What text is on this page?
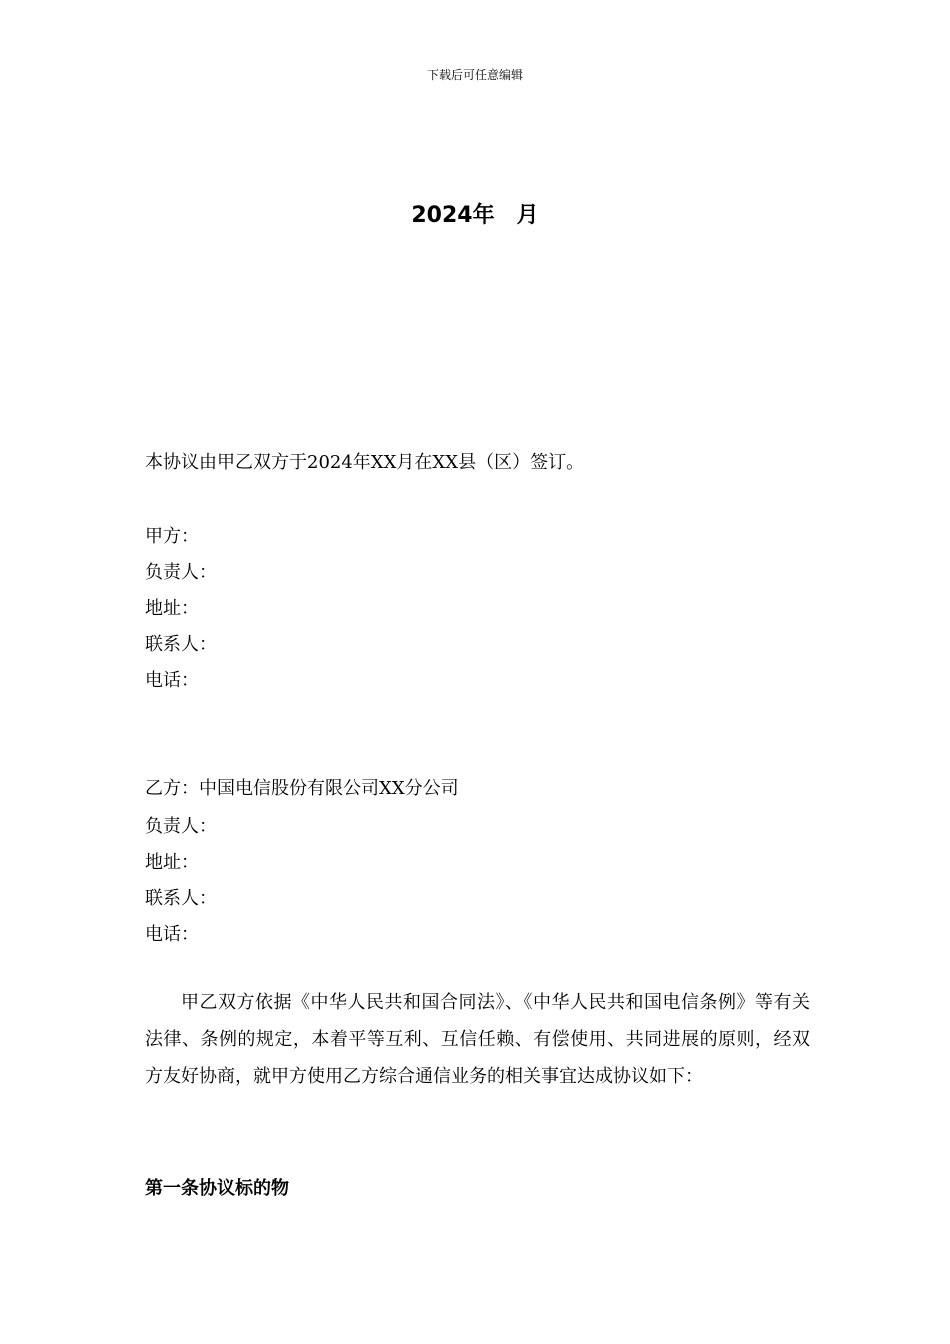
下载后可任意编辑
2024年　月
本协议由甲乙双方于2024年XX月在XX县（区）签订。
甲方：
负责人：
地址：
联系人：
电话：
乙方：中国电信股份有限公司XX分公司
负责人：
地址：
联系人：
电话：
甲乙双方依据《中华人民共和国合同法》、《中华人民共和国电信条例》等有关法律、条例的规定，本着平等互利、互信任赖、有偿使用、共同进展的原则，经双方友好协商，就甲方使用乙方综合通信业务的相关事宜达成协议如下：
第一条协议标的物
